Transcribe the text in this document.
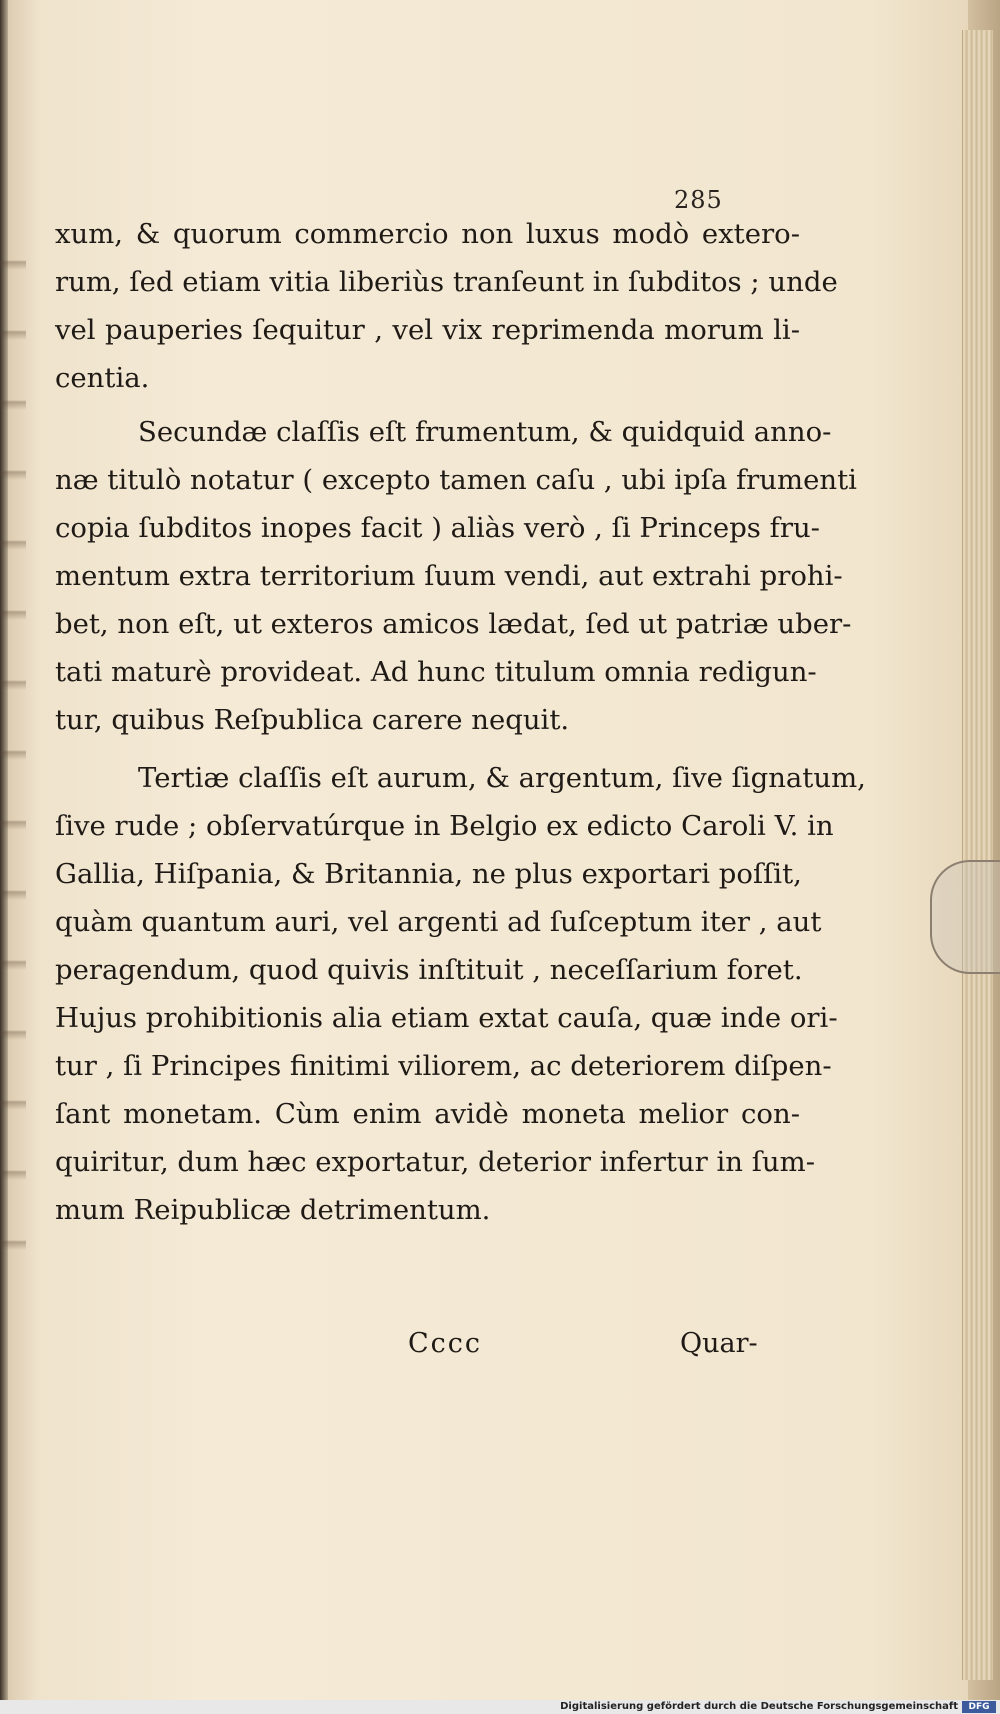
285
xum, & quorum commercio non luxus modò extero-
rum, ſed etiam vitia liberiùs tranſeunt in ſubditos ; unde
vel pauperies ſequitur , vel vix reprimenda morum li-
centia.
Secundæ claſſis eſt frumentum, & quidquid anno-
næ titulò notatur ( excepto tamen caſu , ubi ipſa frumenti
copia ſubditos inopes facit ) aliàs verò , ſi Princeps fru-
mentum extra territorium ſuum vendi, aut extrahi prohi-
bet, non eſt, ut exteros amicos lædat, ſed ut patriæ uber-
tati maturè provideat. Ad hunc titulum omnia redigun-
tur, quibus Reſpublica carere nequit.
Tertiæ claſſis eſt aurum, & argentum, ſive ſignatum,
ſive rude ; obſervatúrque in Belgio ex edicto Caroli V. in
Gallia, Hiſpania, & Britannia, ne plus exportari poſſit,
quàm quantum auri, vel argenti ad ſuſceptum iter , aut
peragendum, quod quivis inſtituit , neceſſarium foret.
Hujus prohibitionis alia etiam extat cauſa, quæ inde ori-
tur , ſi Principes finitimi viliorem, ac deteriorem diſpen-
ſant monetam. Cùm enim avidè moneta melior con-
quiritur, dum hæc exportatur, deterior infertur in ſum-
mum Reipublicæ detrimentum.
Cccc	Quar-
Digitalisierung gefördert durch die Deutsche Forschungsgemeinschaft	DFG
